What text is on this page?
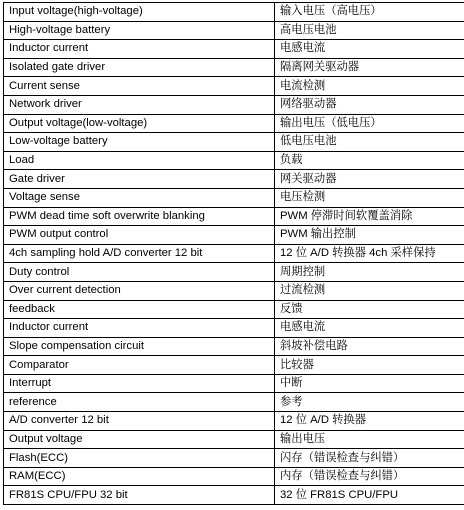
Input voltage(high-voltage)	输入电压（高电压）
High-voltage battery	高电压电池
Inductor current	电感电流
Isolated gate driver	隔离网关驱动器
Current sense	电流检测
Network driver	网络驱动器
Output voltage(low-voltage)	输出电压（低电压）
Low-voltage battery	低电压电池
Load	负载
Gate driver	网关驱动器
Voltage sense	电压检测
PWM dead time soft overwrite blanking	PWM 停滞时间软覆盖消除
PWM output control	PWM 输出控制
4ch sampling hold A/D converter 12 bit	12 位 A/D 转换器 4ch 采样保持
Duty control	周期控制
Over current detection	过流检测
feedback	反馈
Inductor current	电感电流
Slope compensation circuit	斜坡补偿电路
Comparator	比较器
Interrupt	中断
reference	参考
A/D converter 12 bit	12 位 A/D 转换器
Output voltage	输出电压
Flash(ECC)	闪存（错误检查与纠错）
RAM(ECC)	内存（错误检查与纠错）
FR81S CPU/FPU 32 bit	32 位 FR81S CPU/FPU
